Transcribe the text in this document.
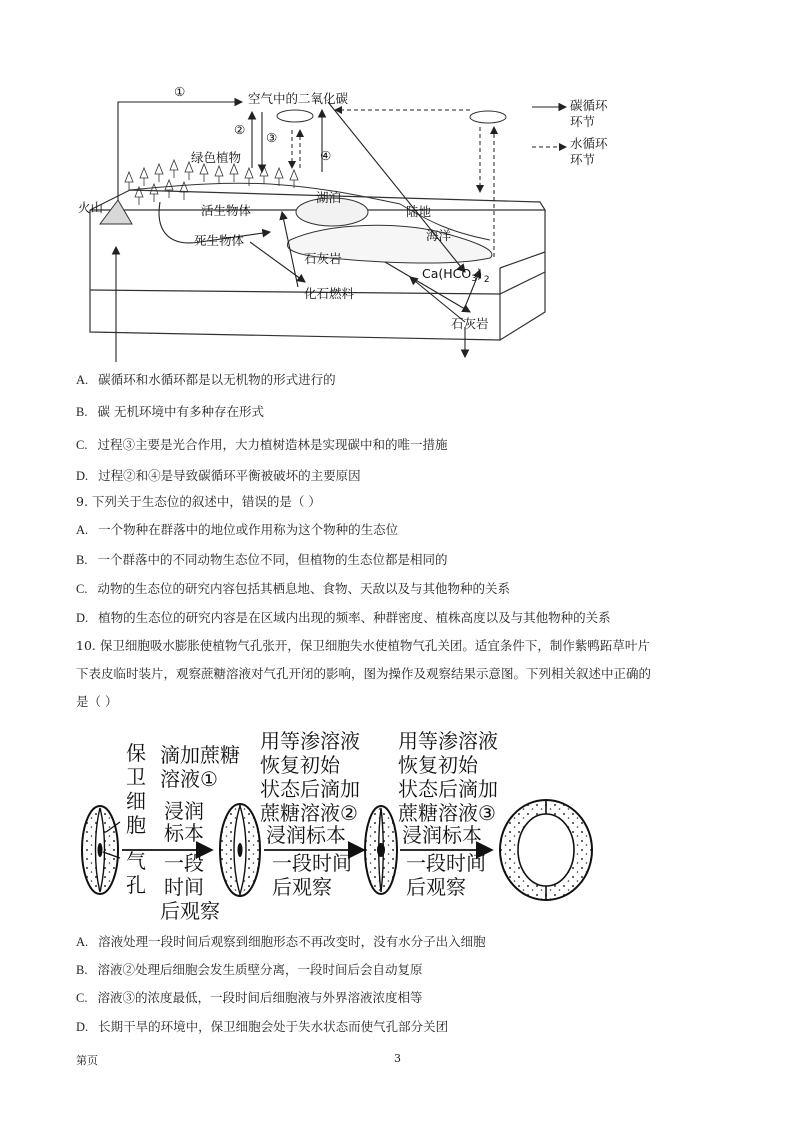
空气中的二氧化碳
①
②
③
④
绿色植物
火山	活生物体
湖泊
陆地
海洋
死生物体
石灰岩
$Ca(HCO_3)$ $_2$
化石燃料
石灰岩
碳循环
环节
水循环
环节
A. 碳循环和水循环都是以无机物的形式进行的
B. 碳 无机环境中有多种存在形式
C. 过程③主要是光合作用，大力植树造林是实现碳中和的唯一措施
D. 过程②和④是导致碳循环平衡被破坏的主要原因
9. 下列关于生态位的叙述中，错误的是（ ）
A. 一个物种在群落中的地位或作用称为这个物种的生态位
B. 一个群落中的不同动物生态位不同，但植物的生态位都是相同的
C. 动物的生态位的研究内容包括其栖息地、食物、天敌以及与其他物种的关系
D. 植物的生态位的研究内容是在区域内出现的频率、种群密度、植株高度以及与其他物种的关系
10. 保卫细胞吸水膨胀使植物气孔张开，保卫细胞失水使植物气孔关团。适宜条件下，制作紫鸭跖草叶片
下表皮临时装片，观察蔗糖溶液对气孔开闭的影响，图为操作及观察结果示意图。下列相关叙述中正确的
是（ ）
保
卫
细
胞
气
孔
滴加蔗糖
溶液①
浸润
标本
一段
时间
后观察
用等渗溶液
恢复初始
状态后滴加
蔗糖溶液②
浸润标本
一段时间
后观察
用等渗溶液
恢复初始
状态后滴加
蔗糖溶液③
浸润标本
一段时间
后观察
A. 溶液处理一段时间后观察到细胞形态不再改变时，没有水分子出入细胞
B. 溶液②处理后细胞会发生质壁分离，一段时间后会自动复原
C. 溶液③的浓度最低，一段时间后细胞液与外界溶液浓度相等
D. 长期干旱的环境中，保卫细胞会处于失水状态而使气孔部分关团
第页	3
